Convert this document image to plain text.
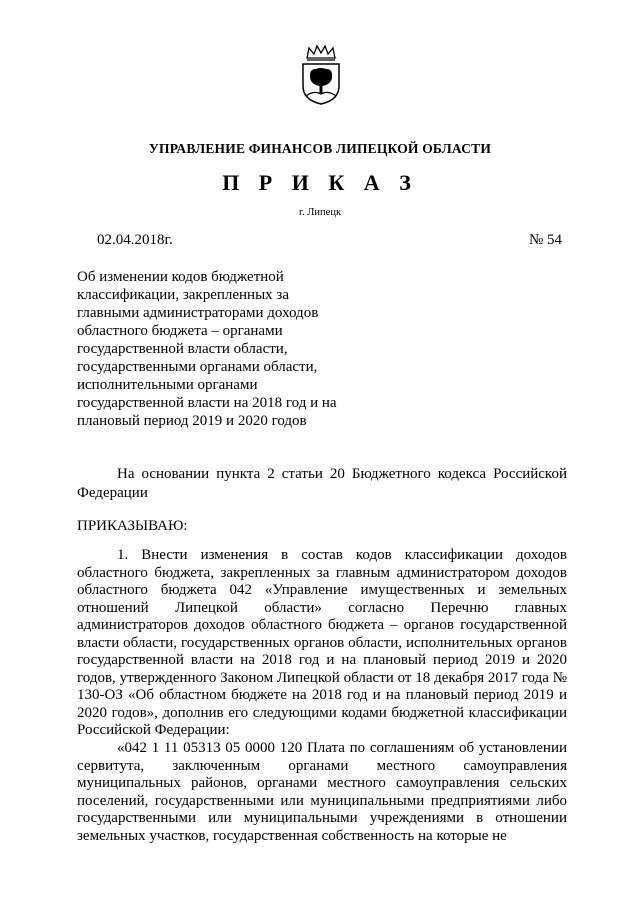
УПРАВЛЕНИЕ ФИНАНСОВ ЛИПЕЦКОЙ ОБЛАСТИ
П Р И К А З
г. Липецк
02.04.2018г.	№ 54
Об изменении кодов бюджетной классификации, закрепленных за главными администраторами доходов областного бюджета – органами государственной власти области, государственными органами области, исполнительными органами государственной власти на 2018 год и на плановый период 2019 и 2020 годов
На основании пункта 2 статьи 20 Бюджетного кодекса Российской Федерации
ПРИКАЗЫВАЮ:
1. Внести изменения в состав кодов классификации доходов областного бюджета, закрепленных за главным администратором доходов областного бюджета 042 «Управление имущественных и земельных отношений Липецкой области» согласно Перечню главных администраторов доходов областного бюджета – органов государственной власти области, государственных органов области, исполнительных органов государственной власти на 2018 год и на плановый период 2019 и 2020 годов, утвержденного Законом Липецкой области от 18 декабря 2017 года № 130-ОЗ «Об областном бюджете на 2018 год и на плановый период 2019 и 2020 годов», дополнив его следующими кодами бюджетной классификации Российской Федерации:
«042 1 11 05313 05 0000 120 Плата по соглашениям об установлении сервитута, заключенным органами местного самоуправления муниципальных районов, органами местного самоуправления сельских поселений, государственными или муниципальными предприятиями либо государственными или муниципальными учреждениями в отношении земельных участков, государственная собственность на которые не
